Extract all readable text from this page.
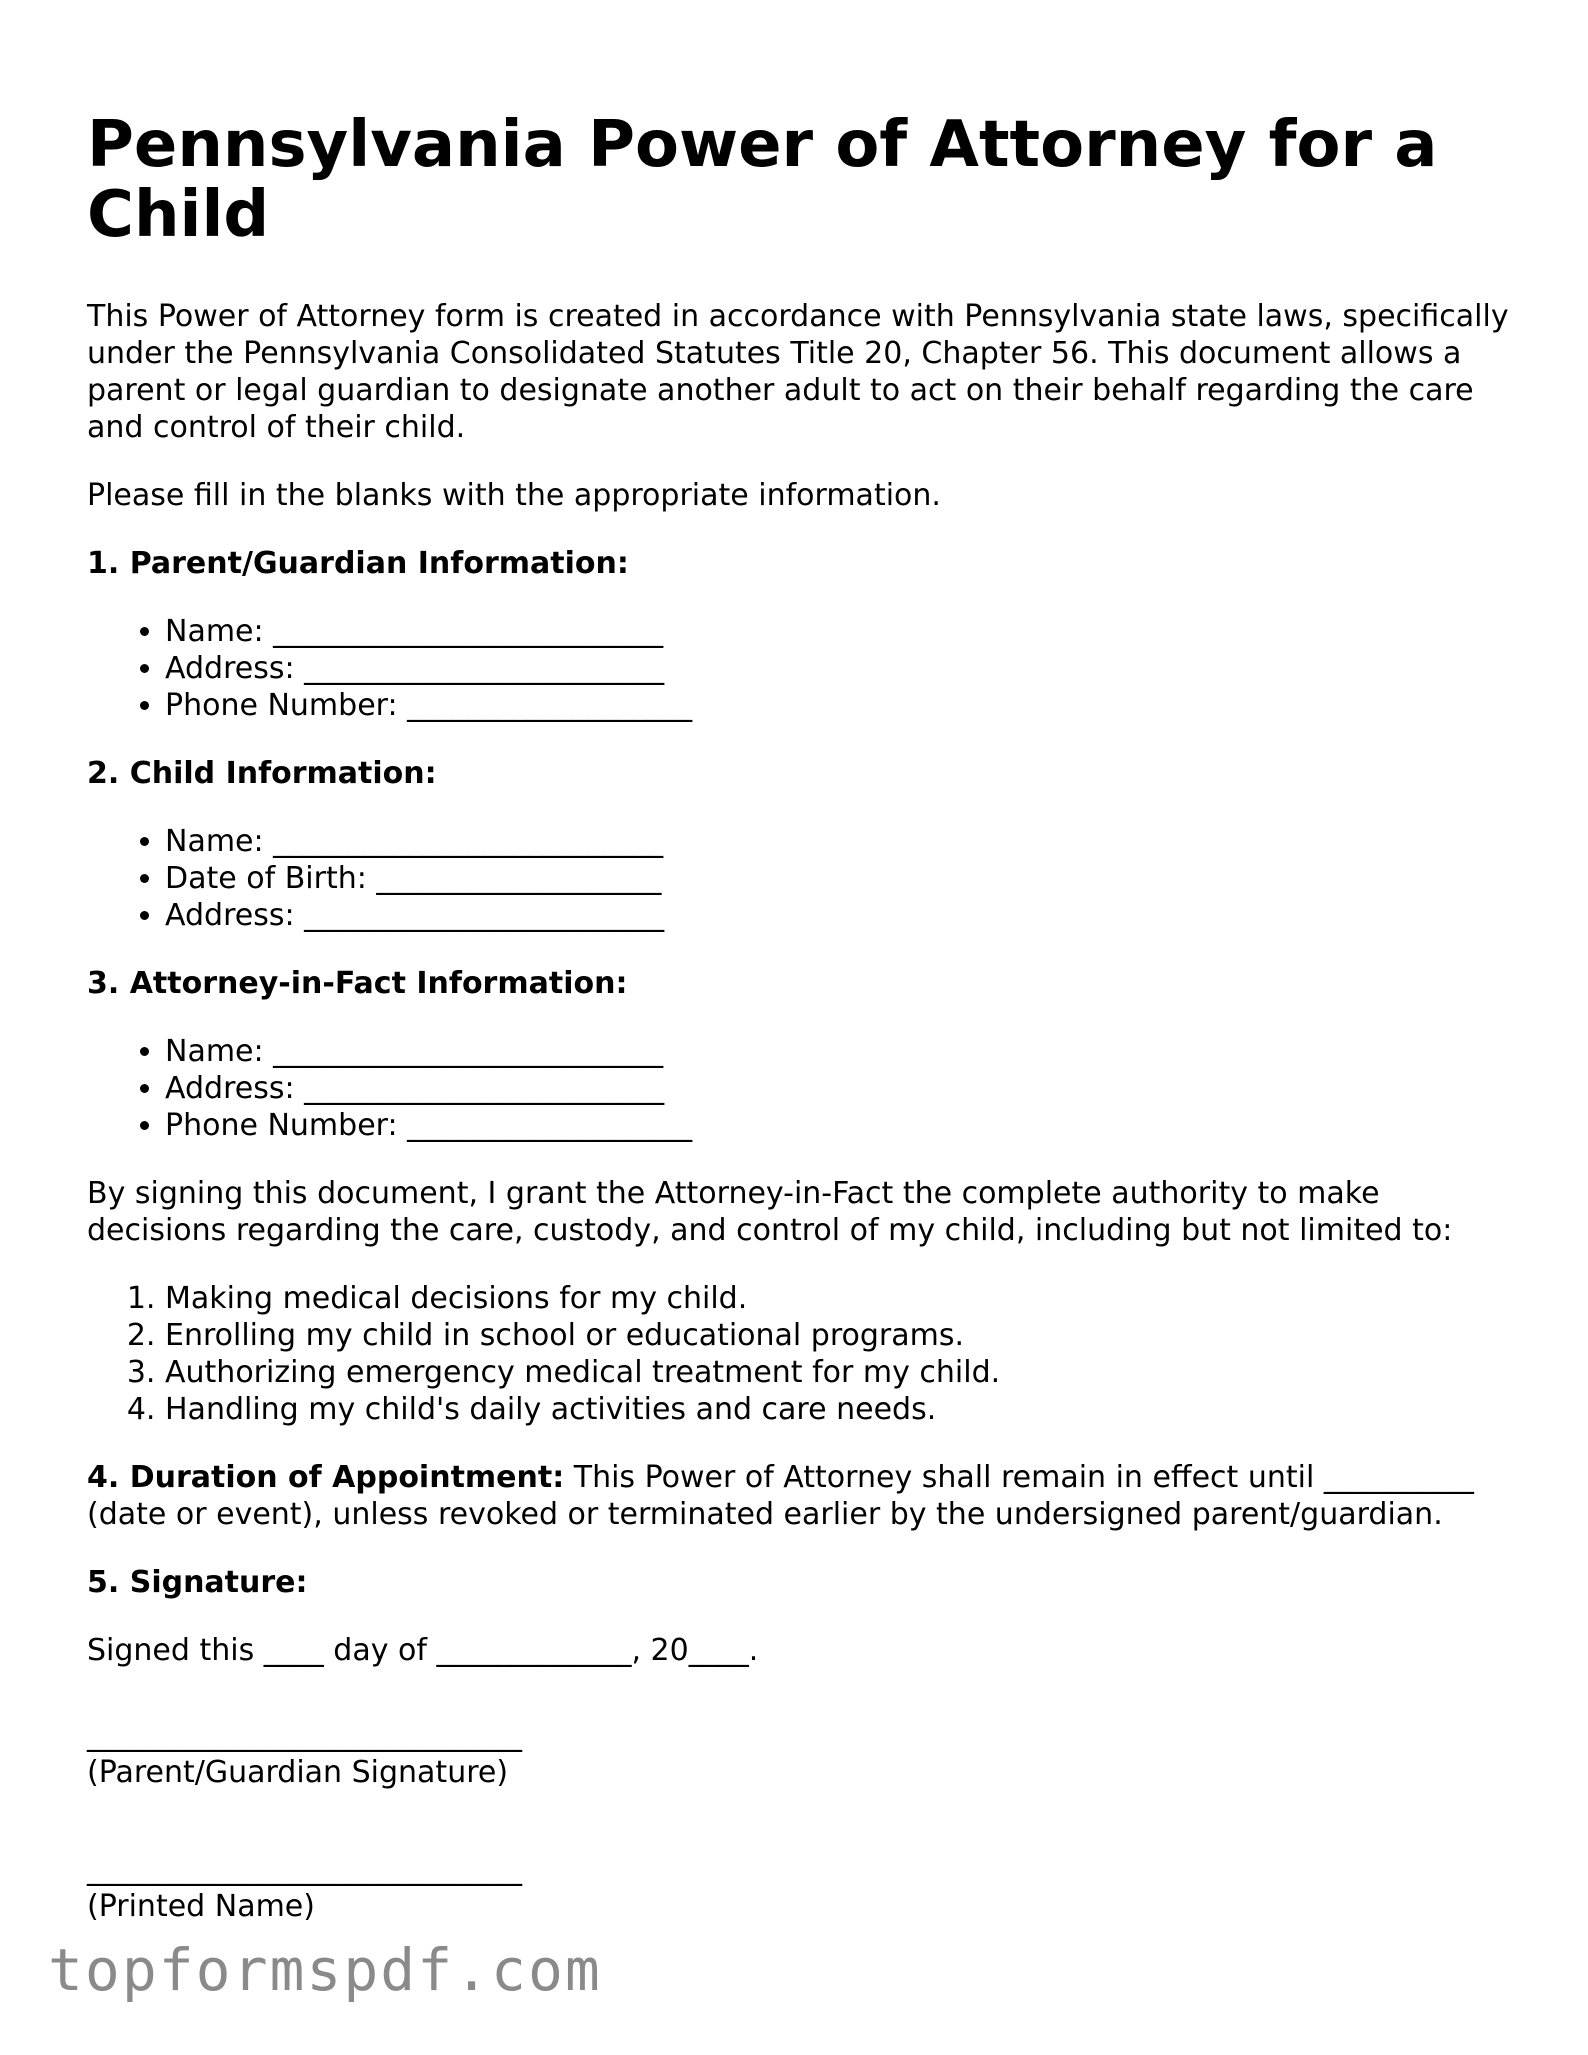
Pennsylvania Power of Attorney for a Child

This Power of Attorney form is created in accordance with Pennsylvania state laws, specifically under the Pennsylvania Consolidated Statutes Title 20, Chapter 56. This document allows a parent or legal guardian to designate another adult to act on their behalf regarding the care and control of their child.

Please fill in the blanks with the appropriate information.

1. Parent/Guardian Information:
• Name: __________________________
• Address: ________________________
• Phone Number: ___________________
2. Child Information:
• Name: __________________________
• Date of Birth: ___________________
• Address: ________________________
3. Attorney-in-Fact Information:
• Name: __________________________
• Address: ________________________
• Phone Number: ___________________

By signing this document, I grant the Attorney-in-Fact the complete authority to make decisions regarding the care, custody, and control of my child, including but not limited to:

1. Making medical decisions for my child.
2. Enrolling my child in school or educational programs.
3. Authorizing emergency medical treatment for my child.
4. Handling my child's daily activities and care needs.

4. Duration of Appointment: This Power of Attorney shall remain in effect until __________ (date or event), unless revoked or terminated earlier by the undersigned parent/guardian.

5. Signature:

Signed this ____ day of _____________, 20____.

_____________________________
(Parent/Guardian Signature)
_____________________________
(Printed Name)
topformspdf.com
